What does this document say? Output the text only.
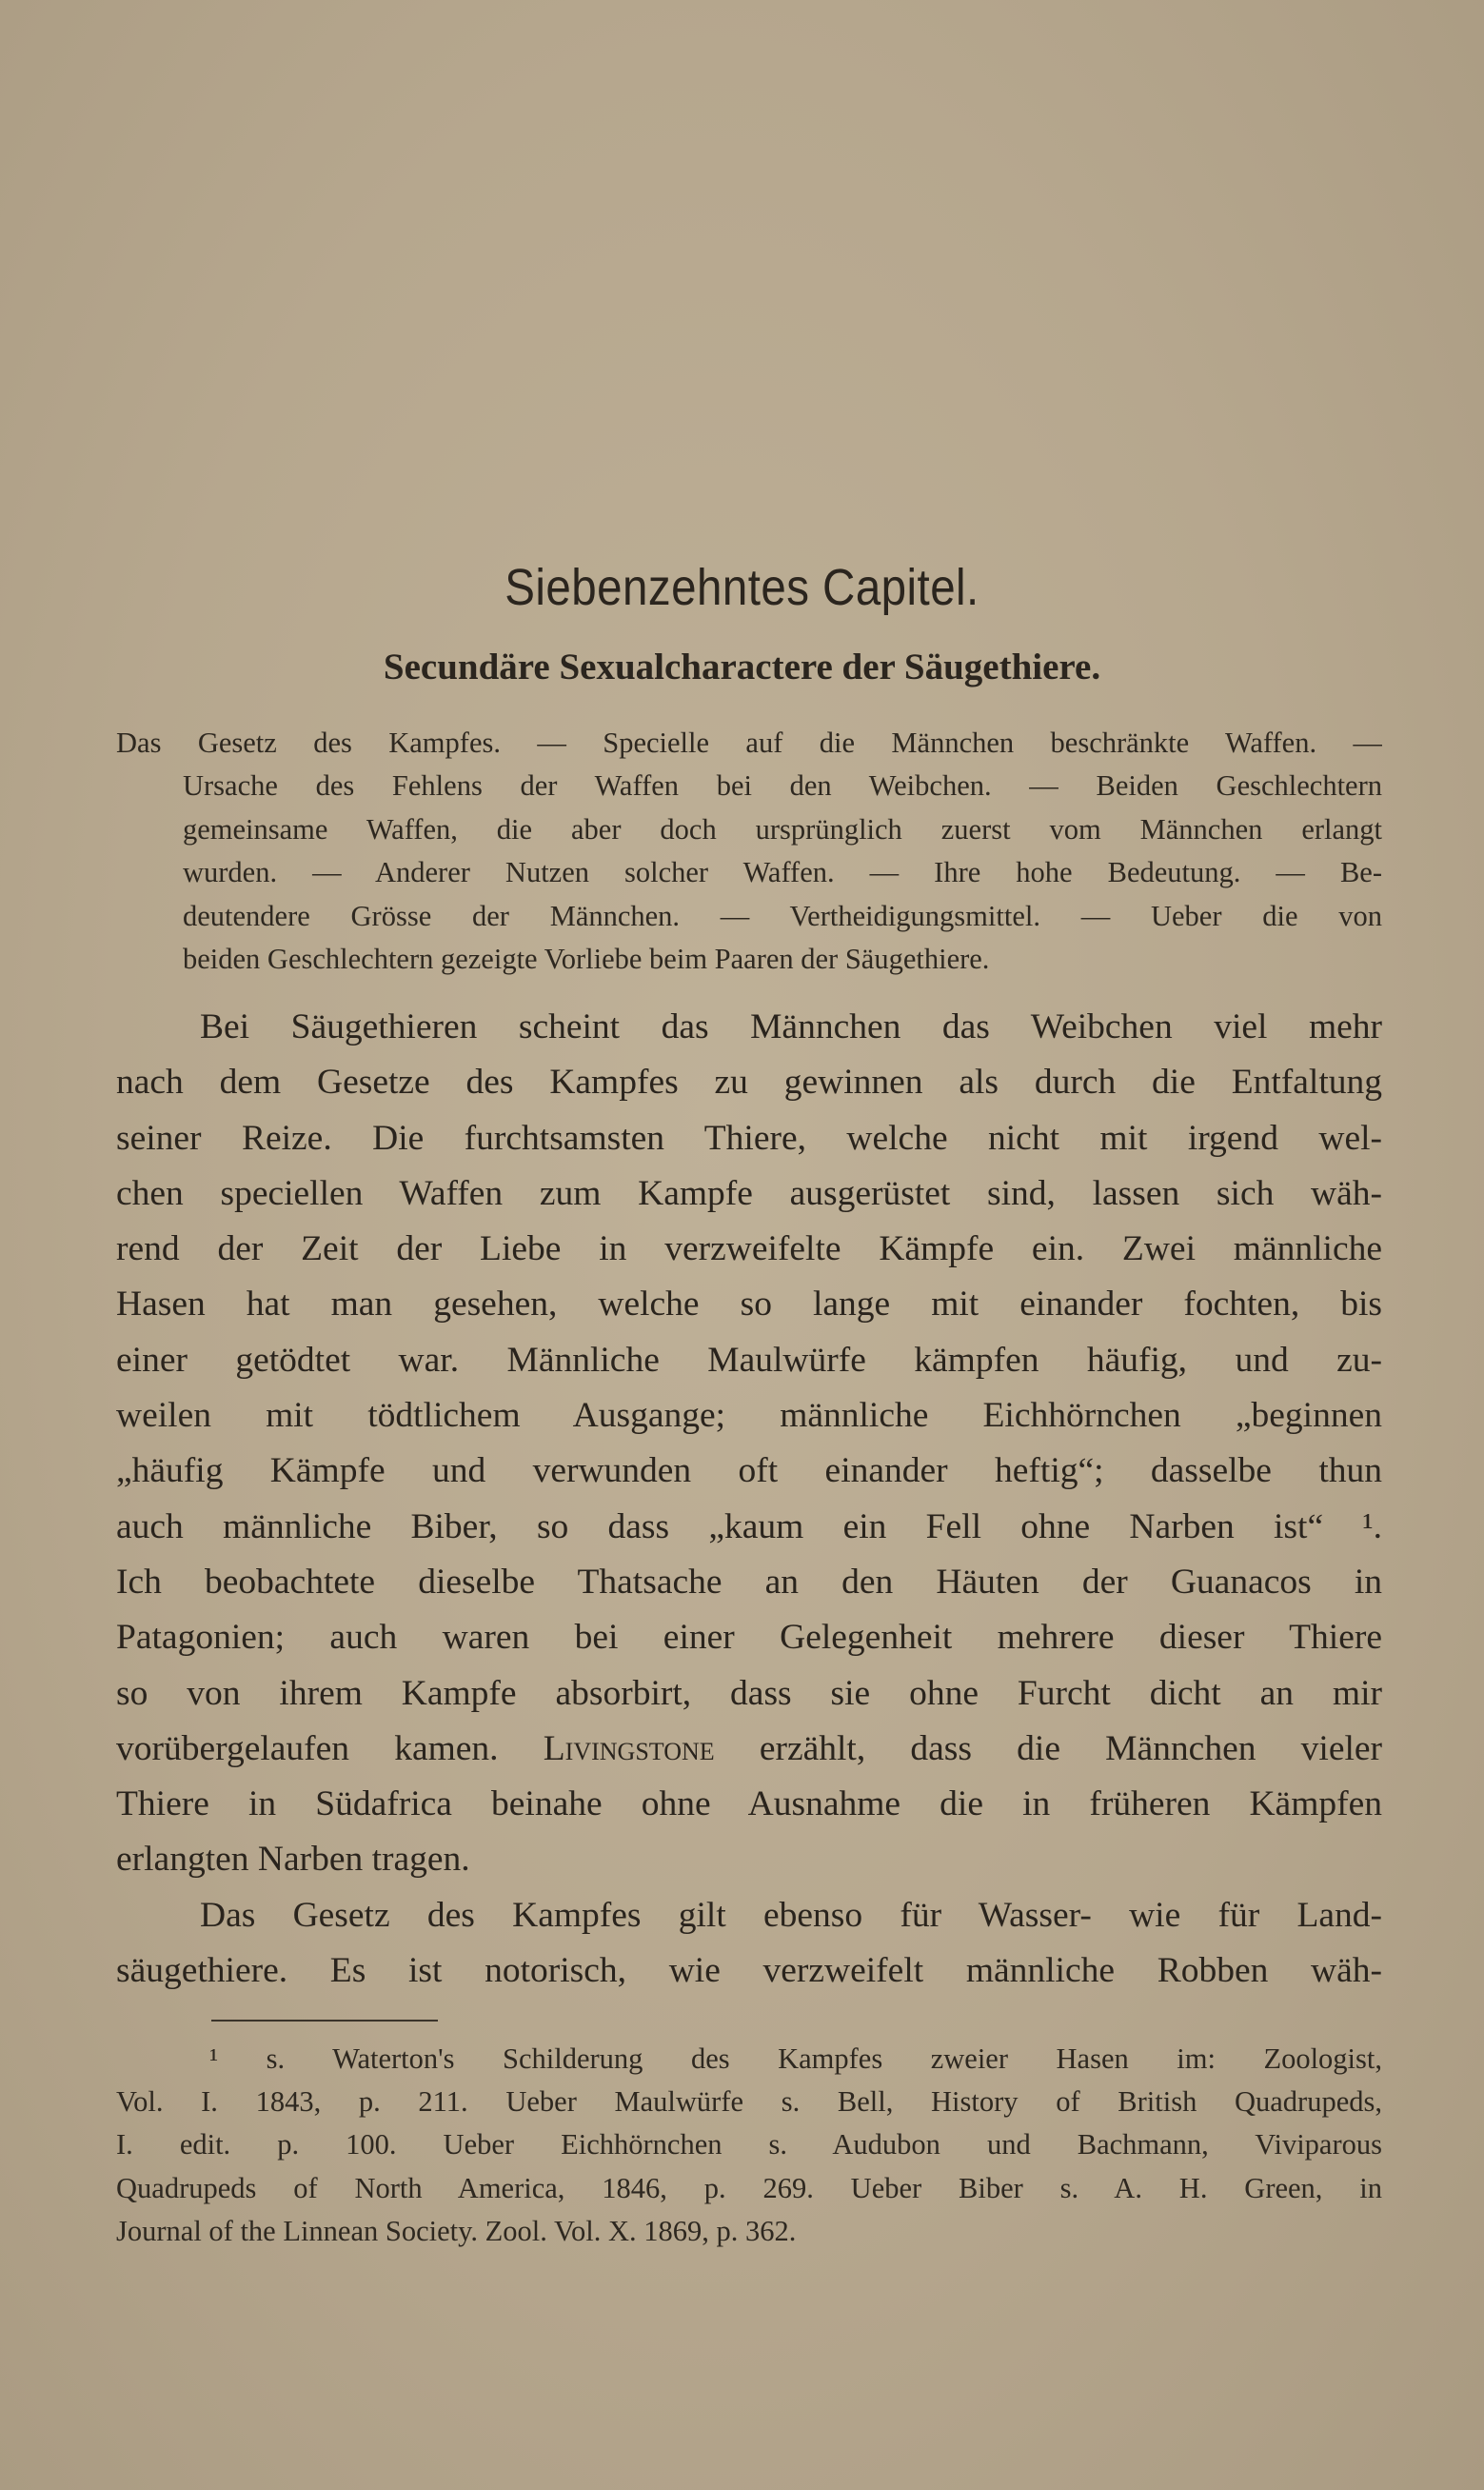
Siebenzehntes Capitel.
Secundäre Sexualcharactere der Säugethiere.
Das Gesetz des Kampfes. — Specielle auf die Männchen beschränkte Waffen. —
Ursache des Fehlens der Waffen bei den Weibchen. — Beiden Geschlechtern
gemeinsame Waffen, die aber doch ursprünglich zuerst vom Männchen erlangt
wurden. — Anderer Nutzen solcher Waffen. — Ihre hohe Bedeutung. — Be-
deutendere Grösse der Männchen. — Vertheidigungsmittel. — Ueber die von
beiden Geschlechtern gezeigte Vorliebe beim Paaren der Säugethiere.
Bei Säugethieren scheint das Männchen das Weibchen viel mehr
nach dem Gesetze des Kampfes zu gewinnen als durch die Entfaltung
seiner Reize. Die furchtsamsten Thiere, welche nicht mit irgend wel-
chen speciellen Waffen zum Kampfe ausgerüstet sind, lassen sich wäh-
rend der Zeit der Liebe in verzweifelte Kämpfe ein. Zwei männliche
Hasen hat man gesehen, welche so lange mit einander fochten, bis
einer getödtet war. Männliche Maulwürfe kämpfen häufig, und zu-
weilen mit tödtlichem Ausgange; männliche Eichhörnchen „beginnen
„häufig Kämpfe und verwunden oft einander heftig“; dasselbe thun
auch männliche Biber, so dass „kaum ein Fell ohne Narben ist“ ¹.
Ich beobachtete dieselbe Thatsache an den Häuten der Guanacos in
Patagonien; auch waren bei einer Gelegenheit mehrere dieser Thiere
so von ihrem Kampfe absorbirt, dass sie ohne Furcht dicht an mir
vorübergelaufen kamen. Livingstone erzählt, dass die Männchen vieler
Thiere in Südafrica beinahe ohne Ausnahme die in früheren Kämpfen
erlangten Narben tragen.
Das Gesetz des Kampfes gilt ebenso für Wasser- wie für Land-
säugethiere. Es ist notorisch, wie verzweifelt männliche Robben wäh-
¹ s. Waterton's Schilderung des Kampfes zweier Hasen im: Zoologist,
Vol. I. 1843, p. 211. Ueber Maulwürfe s. Bell, History of British Quadrupeds,
I. edit. p. 100. Ueber Eichhörnchen s. Audubon und Bachmann, Viviparous
Quadrupeds of North America, 1846, p. 269. Ueber Biber s. A. H. Green, in
Journal of the Linnean Society. Zool. Vol. X. 1869, p. 362.
